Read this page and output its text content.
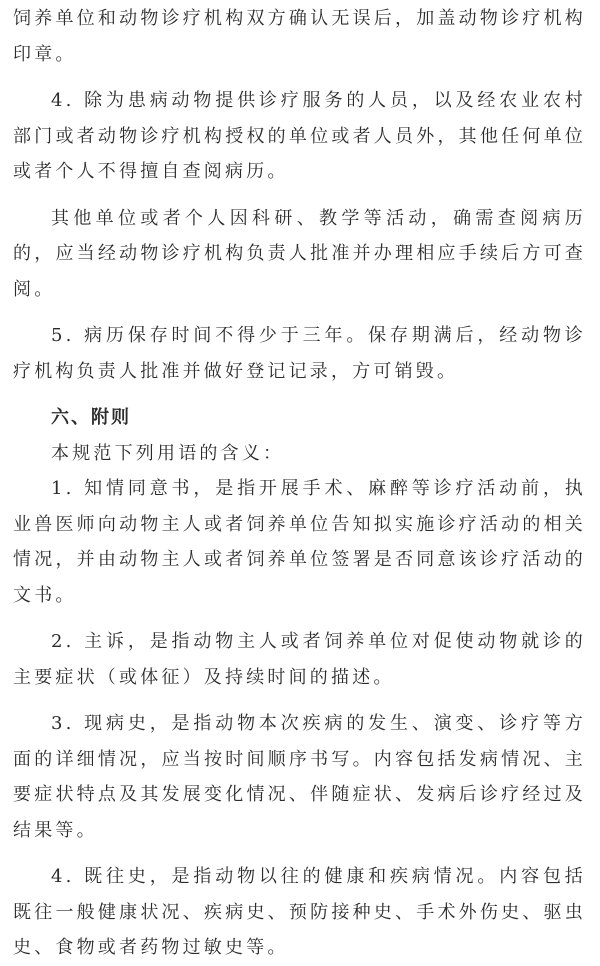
饲养单位和动物诊疗机构双方确认无误后，加盖动物诊疗机构印章。

4. 除为患病动物提供诊疗服务的人员，以及经农业农村部门或者动物诊疗机构授权的单位或者人员外，其他任何单位或者个人不得擅自查阅病历。

其他单位或者个人因科研、教学等活动，确需查阅病历的，应当经动物诊疗机构负责人批准并办理相应手续后方可查阅。

5. 病历保存时间不得少于三年。保存期满后，经动物诊疗机构负责人批准并做好登记记录，方可销毁。

六、附则

本规范下列用语的含义：

1. 知情同意书，是指开展手术、麻醉等诊疗活动前，执业兽医师向动物主人或者饲养单位告知拟实施诊疗活动的相关情况，并由动物主人或者饲养单位签署是否同意该诊疗活动的文书。

2. 主诉，是指动物主人或者饲养单位对促使动物就诊的主要症状（或体征）及持续时间的描述。

3. 现病史，是指动物本次疾病的发生、演变、诊疗等方面的详细情况，应当按时间顺序书写。内容包括发病情况、主要症状特点及其发展变化情况、伴随症状、发病后诊疗经过及结果等。

4. 既往史，是指动物以往的健康和疾病情况。内容包括既往一般健康状况、疾病史、预防接种史、手术外伤史、驱虫史、食物或者药物过敏史等。
